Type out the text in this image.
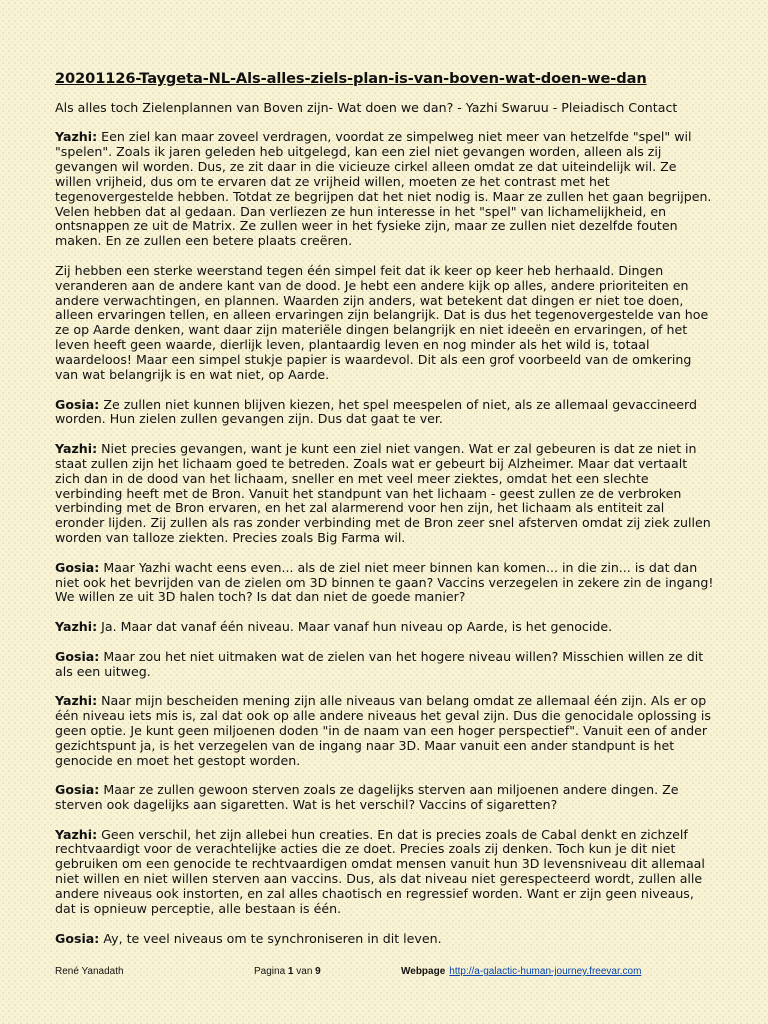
20201126-Taygeta-NL-Als-alles-ziels-plan-is-van-boven-wat-doen-we-dan
Als alles toch Zielenplannen van Boven zijn- Wat doen we dan? - Yazhi Swaruu - Pleiadisch Contact
Yazhi: Een ziel kan maar zoveel verdragen, voordat ze simpelweg niet meer van hetzelfde "spel" wil "spelen". Zoals ik jaren geleden heb uitgelegd, kan een ziel niet gevangen worden, alleen als zij gevangen wil worden. Dus, ze zit daar in die vicieuze cirkel alleen omdat ze dat uiteindelijk wil. Ze willen vrijheid, dus om te ervaren dat ze vrijheid willen, moeten ze het contrast met het tegenovergestelde hebben. Totdat ze begrijpen dat het niet nodig is. Maar ze zullen het gaan begrijpen. Velen hebben dat al gedaan. Dan verliezen ze hun interesse in het "spel" van lichamelijkheid, en ontsnappen ze uit de Matrix. Ze zullen weer in het fysieke zijn, maar ze zullen niet dezelfde fouten maken. En ze zullen een betere plaats creëren.
Zij hebben een sterke weerstand tegen één simpel feit dat ik keer op keer heb herhaald. Dingen veranderen aan de andere kant van de dood. Je hebt een andere kijk op alles, andere prioriteiten en andere verwachtingen, en plannen. Waarden zijn anders, wat betekent dat dingen er niet toe doen, alleen ervaringen tellen, en alleen ervaringen zijn belangrijk. Dat is dus het tegenovergestelde van hoe ze op Aarde denken, want daar zijn materiële dingen belangrijk en niet ideeën en ervaringen, of het leven heeft geen waarde, dierlijk leven, plantaardig leven en nog minder als het wild is, totaal waardeloos! Maar een simpel stukje papier is waardevol. Dit als een grof voorbeeld van de omkering van wat belangrijk is en wat niet, op Aarde.
Gosia: Ze zullen niet kunnen blijven kiezen, het spel meespelen of niet, als ze allemaal gevaccineerd worden. Hun zielen zullen gevangen zijn. Dus dat gaat te ver.
Yazhi: Niet precies gevangen, want je kunt een ziel niet vangen. Wat er zal gebeuren is dat ze niet in staat zullen zijn het lichaam goed te betreden. Zoals wat er gebeurt bij Alzheimer. Maar dat vertaalt zich dan in de dood van het lichaam, sneller en met veel meer ziektes, omdat het een slechte verbinding heeft met de Bron. Vanuit het standpunt van het lichaam - geest zullen ze de verbroken verbinding met de Bron ervaren, en het zal alarmerend voor hen zijn, het lichaam als entiteit zal eronder lijden. Zij zullen als ras zonder verbinding met de Bron zeer snel afsterven omdat zij ziek zullen worden van talloze ziekten. Precies zoals Big Farma wil.
Gosia: Maar Yazhi wacht eens even... als de ziel niet meer binnen kan komen... in die zin... is dat dan niet ook het bevrijden van de zielen om 3D binnen te gaan? Vaccins verzegelen in zekere zin de ingang! We willen ze uit 3D halen toch? Is dat dan niet de goede manier?
Yazhi: Ja. Maar dat vanaf één niveau. Maar vanaf hun niveau op Aarde, is het genocide.
Gosia: Maar zou het niet uitmaken wat de zielen van het hogere niveau willen? Misschien willen ze dit als een uitweg.
Yazhi: Naar mijn bescheiden mening zijn alle niveaus van belang omdat ze allemaal één zijn. Als er op één niveau iets mis is, zal dat ook op alle andere niveaus het geval zijn. Dus die genocidale oplossing is geen optie. Je kunt geen miljoenen doden "in de naam van een hoger perspectief". Vanuit een of ander gezichtspunt ja, is het verzegelen van de ingang naar 3D. Maar vanuit een ander standpunt is het genocide en moet het gestopt worden.
Gosia: Maar ze zullen gewoon sterven zoals ze dagelijks sterven aan miljoenen andere dingen. Ze sterven ook dagelijks aan sigaretten. Wat is het verschil? Vaccins of sigaretten?
Yazhi: Geen verschil, het zijn allebei hun creaties. En dat is precies zoals de Cabal denkt en zichzelf rechtvaardigt voor de verachtelijke acties die ze doet. Precies zoals zij denken. Toch kun je dit niet gebruiken om een genocide te rechtvaardigen omdat mensen vanuit hun 3D levensniveau dit allemaal niet willen en niet willen sterven aan vaccins. Dus, als dat niveau niet gerespecteerd wordt, zullen alle andere niveaus ook instorten, en zal alles chaotisch en regressief worden. Want er zijn geen niveaus, dat is opnieuw perceptie, alle bestaan is één.
Gosia: Ay, te veel niveaus om te synchroniseren in dit leven.
René Yanadath	Pagina 1 van 9	Webpage http://a-galactic-human-journey.freevar.com
